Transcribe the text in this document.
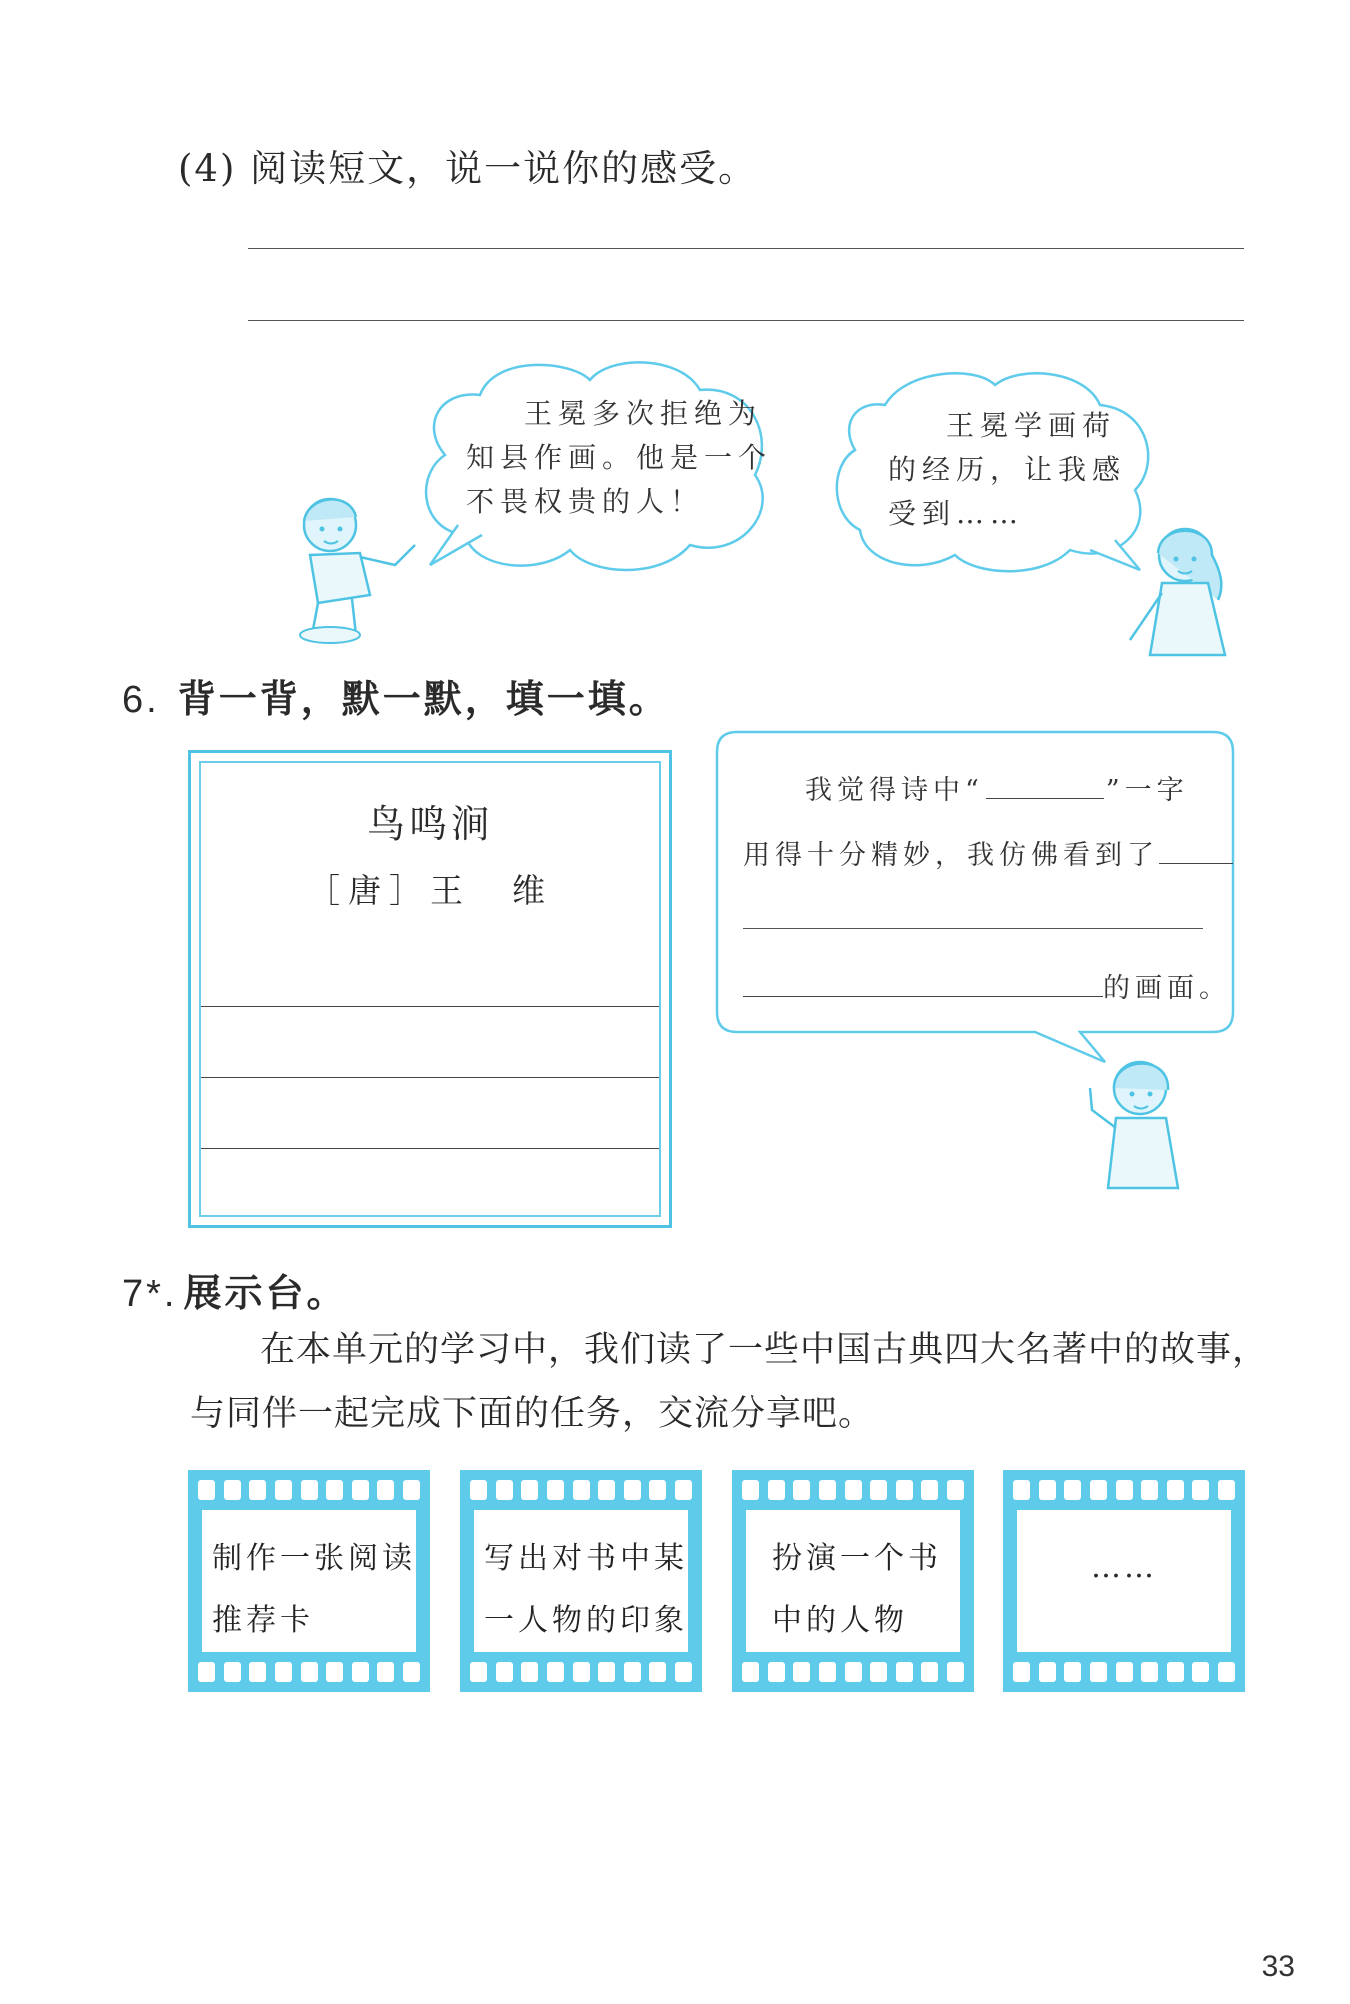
(4) 阅读短文，说一说你的感受。
王冕多次拒绝为
知县作画。他是一个
不畏权贵的人！
王冕学画荷
的经历，让我感
受到……
6. 背一背，默一默，填一填。
鸟鸣涧
［唐］王　维
我觉得诗中“	”一字
用得十分精妙，我仿佛看到了
的画面。
7*. 展示台。
在本单元的学习中，我们读了一些中国古典四大名著中的故事，
与同伴一起完成下面的任务，交流分享吧。
制作一张阅读
推荐卡
写出对书中某
一人物的印象
扮演一个书
中的人物
……
33
